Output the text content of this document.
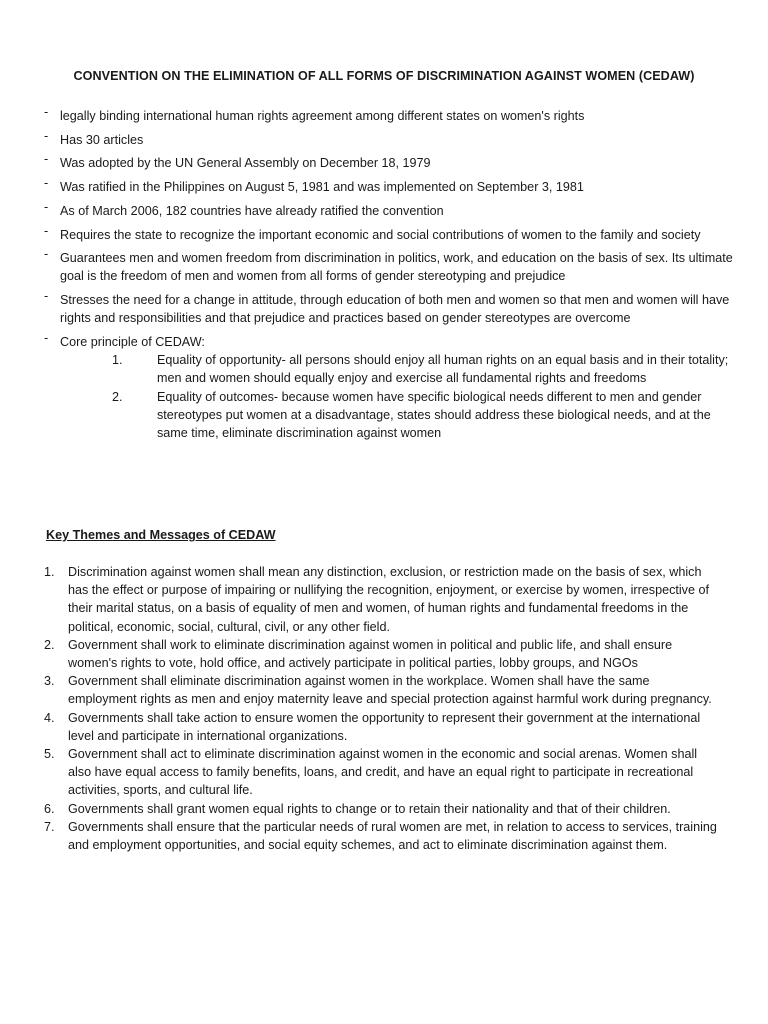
CONVENTION ON THE ELIMINATION OF ALL FORMS OF DISCRIMINATION AGAINST WOMEN (CEDAW)
- legally binding international human rights agreement among different states on women's rights
- Has 30 articles
- Was adopted by the UN General Assembly on December 18, 1979
- Was ratified in the Philippines on August 5, 1981 and was implemented on September 3, 1981
- As of March 2006, 182 countries have already ratified the convention
- Requires the state to recognize the important economic and social contributions of women to the family and society
- Guarantees men and women freedom from discrimination in politics, work, and education on the basis of sex. Its ultimate goal is the freedom of men and women from all forms of gender stereotyping and prejudice
- Stresses the need for a change in attitude, through education of both men and women so that men and women will have rights and responsibilities and that prejudice and practices based on gender stereotypes are overcome
- Core principle of CEDAW:
1.	Equality of opportunity- all persons should enjoy all human rights on an equal basis and in their totality; men and women should equally enjoy and exercise all fundamental rights and freedoms
2.	Equality of outcomes- because women have specific biological needs different to men and gender stereotypes put women at a disadvantage, states should address these biological needs, and at the same time, eliminate discrimination against women
Key Themes and Messages of CEDAW
1. Discrimination against women shall mean any distinction, exclusion, or restriction made on the basis of sex, which has the effect or purpose of impairing or nullifying the recognition, enjoyment, or exercise by women, irrespective of their marital status, on a basis of equality of men and women, of human rights and fundamental freedoms in the political, economic, social, cultural, civil, or any other field.
2. Government shall work to eliminate discrimination against women in political and public life, and shall ensure women's rights to vote, hold office, and actively participate in political parties, lobby groups, and NGOs
3. Government shall eliminate discrimination against women in the workplace. Women shall have the same employment rights as men and enjoy maternity leave and special protection against harmful work during pregnancy.
4. Governments shall take action to ensure women the opportunity to represent their government at the international level and participate in international organizations.
5. Government shall act to eliminate discrimination against women in the economic and social arenas. Women shall also have equal access to family benefits, loans, and credit, and have an equal right to participate in recreational activities, sports, and cultural life.
6. Governments shall grant women equal rights to change or to retain their nationality and that of their children.
7. Governments shall ensure that the particular needs of rural women are met, in relation to access to services, training and employment opportunities, and social equity schemes, and act to eliminate discrimination against them.
